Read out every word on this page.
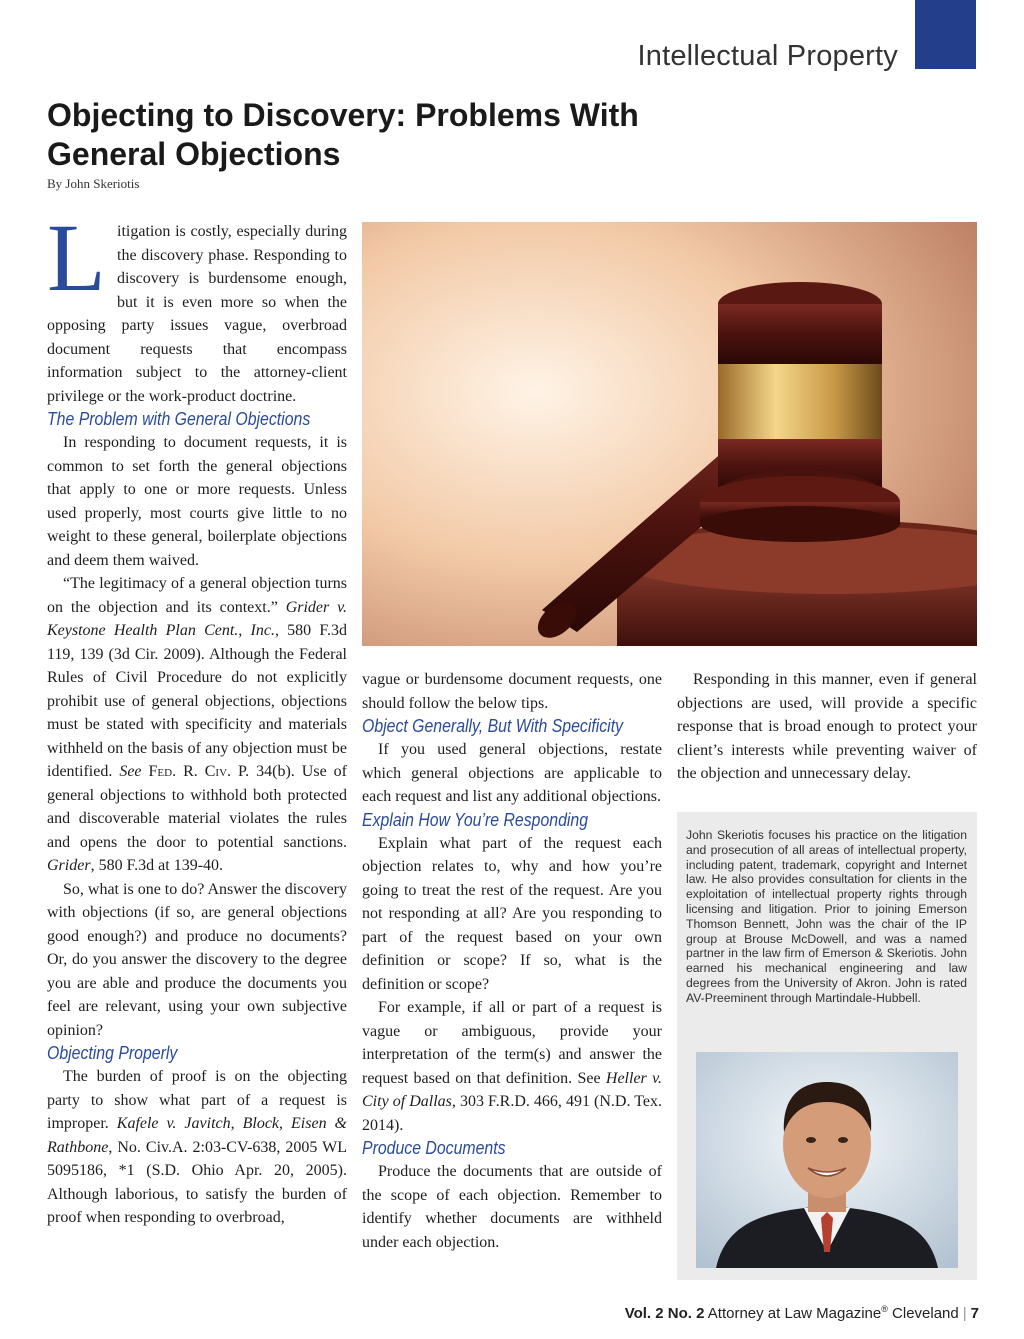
Intellectual Property
Objecting to Discovery: Problems With General Objections
By John Skeriotis

Litigation is costly, especially during the discovery phase. Responding to discovery is burdensome enough, but it is even more so when the opposing party issues vague, overbroad document requests that encompass information subject to the attorney-client privilege or the work-product doctrine.

The Problem with General Objections

In responding to document requests, it is common to set forth the general objections that apply to one or more requests. Unless used properly, most courts give little to no weight to these general, boilerplate objections and deem them waived.

“The legitimacy of a general objection turns on the objection and its context.” Grider v. Keystone Health Plan Cent., Inc., 580 F.3d 119, 139 (3d Cir. 2009). Although the Federal Rules of Civil Procedure do not explicitly prohibit use of general objections, objections must be stated with specificity and materials withheld on the basis of any objection must be identified. See Fed. R. Civ. P. 34(b). Use of general objections to withhold both protected and discoverable material violates the rules and opens the door to potential sanctions. Grider, 580 F.3d at 139-40.

So, what is one to do? Answer the discovery with objections (if so, are general objections good enough?) and produce no documents? Or, do you answer the discovery to the degree you are able and produce the documents you feel are relevant, using your own subjective opinion?

Objecting Properly

The burden of proof is on the objecting party to show what part of a request is improper. Kafele v. Javitch, Block, Eisen & Rathbone, No. Civ.A. 2:03-CV-638, 2005 WL 5095186, *1 (S.D. Ohio Apr. 20, 2005). Although laborious, to satisfy the burden of proof when responding to overbroad,

vague or burdensome document requests, one should follow the below tips.

Object Generally, But With Specificity

If you used general objections, restate which general objections are applicable to each request and list any additional objections.

Explain How You’re Responding

Explain what part of the request each objection relates to, why and how you’re going to treat the rest of the request. Are you not responding at all? Are you responding to part of the request based on your own definition or scope? If so, what is the definition or scope?

For example, if all or part of a request is vague or ambiguous, provide your interpretation of the term(s) and answer the request based on that definition. See Heller v. City of Dallas, 303 F.R.D. 466, 491 (N.D. Tex. 2014).

Produce Documents

Produce the documents that are outside of the scope of each objection. Remember to identify whether documents are withheld under each objection.

Responding in this manner, even if general objections are used, will provide a specific response that is broad enough to protect your client’s interests while preventing waiver of the objection and unnecessary delay.

John Skeriotis focuses his practice on the litigation and prosecution of all areas of intellectual property, including patent, trademark, copyright and Internet law. He also provides consultation for clients in the exploitation of intellectual property rights through licensing and litigation. Prior to joining Emerson Thomson Bennett, John was the chair of the IP group at Brouse McDowell, and was a named partner in the law firm of Emerson & Skeriotis. John earned his mechanical engineering and law degrees from the University of Akron. John is rated AV-Preeminent through Martindale-Hubbell.

Vol. 2 No. 2 Attorney at Law Magazine® Cleveland | 7
